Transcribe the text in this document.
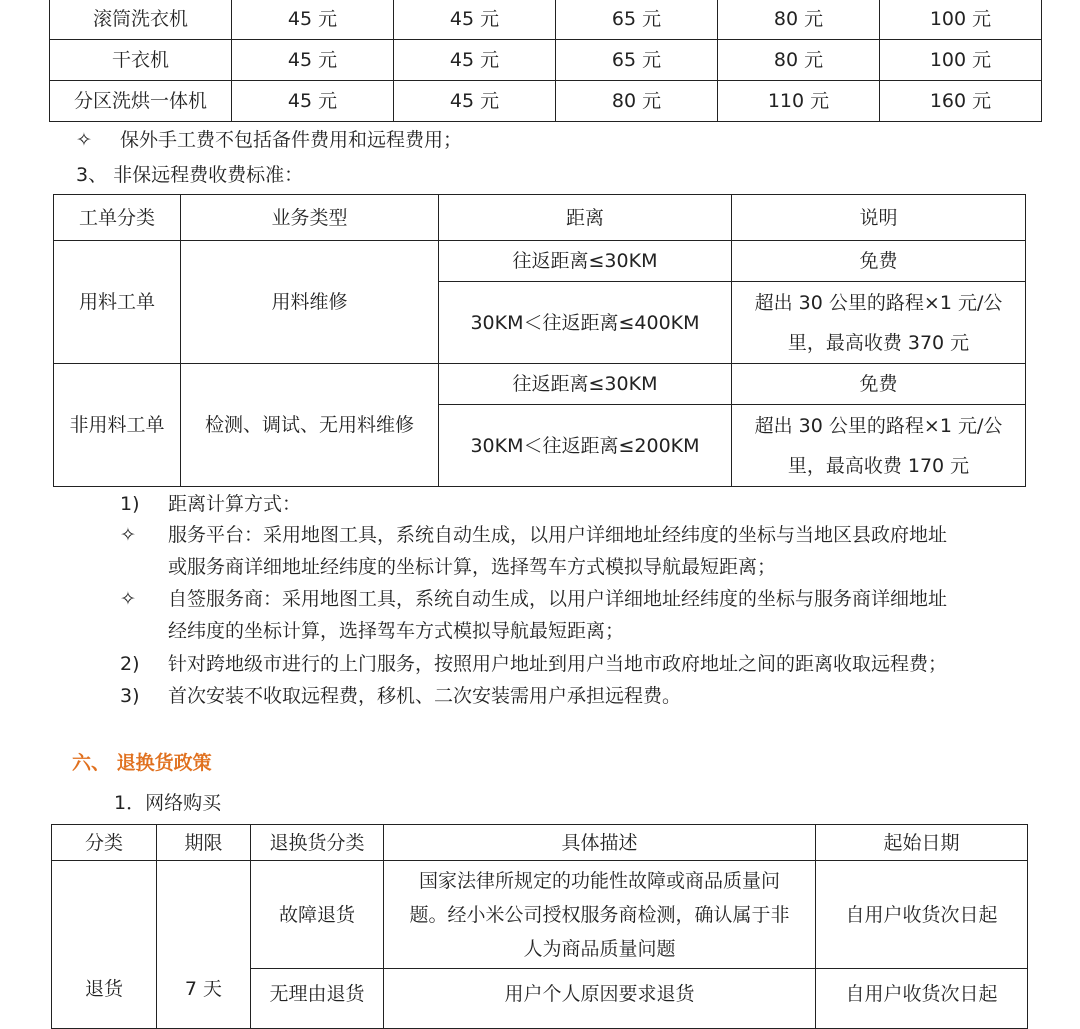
滚筒洗衣机	45 元	45 元	65 元	80 元	100 元
干衣机	45 元	45 元	65 元	80 元	100 元
分区洗烘一体机	45 元	45 元	80 元	110 元	160 元
✧ 保外手工费不包括备件费用和远程费用；
3、 非保远程费收费标准：
工单分类	业务类型	距离	说明
用料工单	用料维修	往返距离≤30KM	免费
		30KM＜往返距离≤400KM	超出 30 公里的路程×1 元/公
里，最高收费 370 元
非用料工单	检测、调试、无用料维修	往返距离≤30KM	免费
		30KM＜往返距离≤200KM	超出 30 公里的路程×1 元/公
里，最高收费 170 元
1) 距离计算方式：
✧ 服务平台：采用地图工具，系统自动生成，以用户详细地址经纬度的坐标与当地区县政府地址
或服务商详细地址经纬度的坐标计算，选择驾车方式模拟导航最短距离；
✧ 自签服务商：采用地图工具，系统自动生成，以用户详细地址经纬度的坐标与服务商详细地址
经纬度的坐标计算，选择驾车方式模拟导航最短距离；
2) 针对跨地级市进行的上门服务，按照用户地址到用户当地市政府地址之间的距离收取远程费；
3) 首次安装不收取远程费，移机、二次安装需用户承担远程费。
六、 退换货政策
1．网络购买
分类	期限	退换货分类	具体描述	起始日期
退货	7 天	故障退货	国家法律所规定的功能性故障或商品质量问
题。经小米公司授权服务商检测，确认属于非
人为商品质量问题	自用户收货次日起
		无理由退货	用户个人原因要求退货	自用户收货次日起
